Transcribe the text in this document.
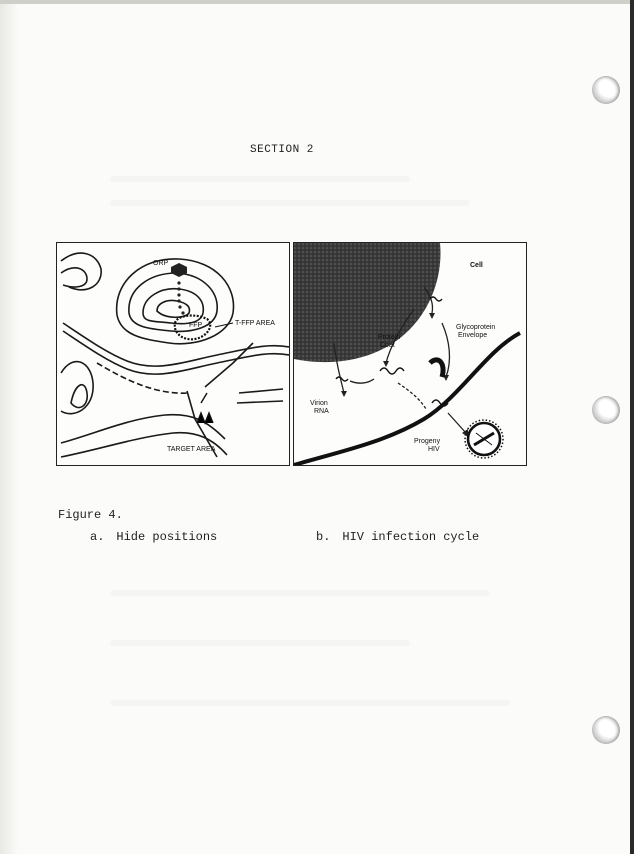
SECTION 2
ORP
FFP	T-FFP AREA
TARGET AREA
Cell
Protein
Coat
Glycoprotein
Envelope
Virion
RNA
Progeny
HIV
Figure 4.
a. Hide positions	b. HIV infection cycle
